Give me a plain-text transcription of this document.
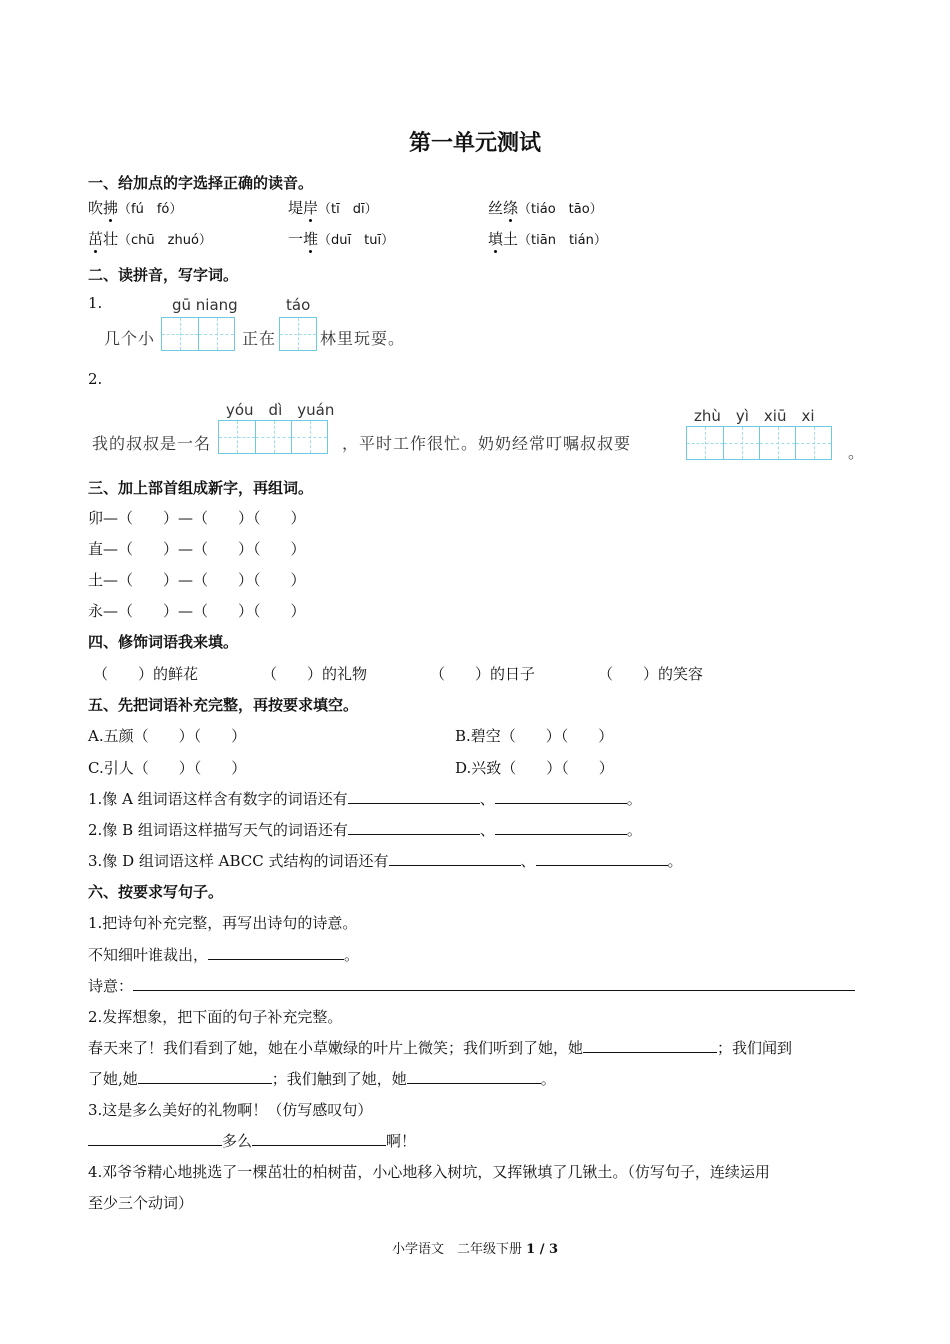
第一单元测试
一、给加点的字选择正确的读音。
吹拂（fú　fó）	堤岸（tī　dī）	丝绦（tiáo　tāo）
茁壮（chū　zhuó）	一堆（duī　tuī）	填土（tiān　tián）
二、读拼音，写字词。
1.	gū niang	táo
几个小	正在	林里玩耍。
2.
yóu　dì　yuán	zhù　yì　xiū　xi
我的叔叔是一名	，平时工作很忙。奶奶经常叮嘱叔叔要	。
三、加上部首组成新字，再组词。
卯—（　　）—（　　）（　　）
直—（　　）—（　　）（　　）
土—（　　）—（　　）（　　）
永—（　　）—（　　）（　　）
四、修饰词语我来填。
（　　）的鲜花	（　　）的礼物	（　　）的日子	（　　）的笑容
五、先把词语补充完整，再按要求填空。
A.五颜（　　）（　　）	B.碧空（　　）（　　）
C.引人（　　）（　　）	D.兴致（　　）（　　）
1.像 A 组词语这样含有数字的词语还有	、	。
2.像 B 组词语这样描写天气的词语还有	、	。
3.像 D 组词语这样 ABCC 式结构的词语还有	、	。
六、按要求写句子。
1.把诗句补充完整，再写出诗句的诗意。
不知细叶谁裁出，	。
诗意：
2.发挥想象，把下面的句子补充完整。
春天来了！我们看到了她，她在小草嫩绿的叶片上微笑；我们听到了她，她	；我们闻到
了她,她	；我们触到了她，她	。
3.这是多么美好的礼物啊！（仿写感叹句）
多么	啊！
4.邓爷爷精心地挑选了一棵茁壮的柏树苗，小心地移入树坑，又挥锹填了几锹土。（仿写句子，连续运用
至少三个动词）
小学语文　二年级下册 1 / 3
